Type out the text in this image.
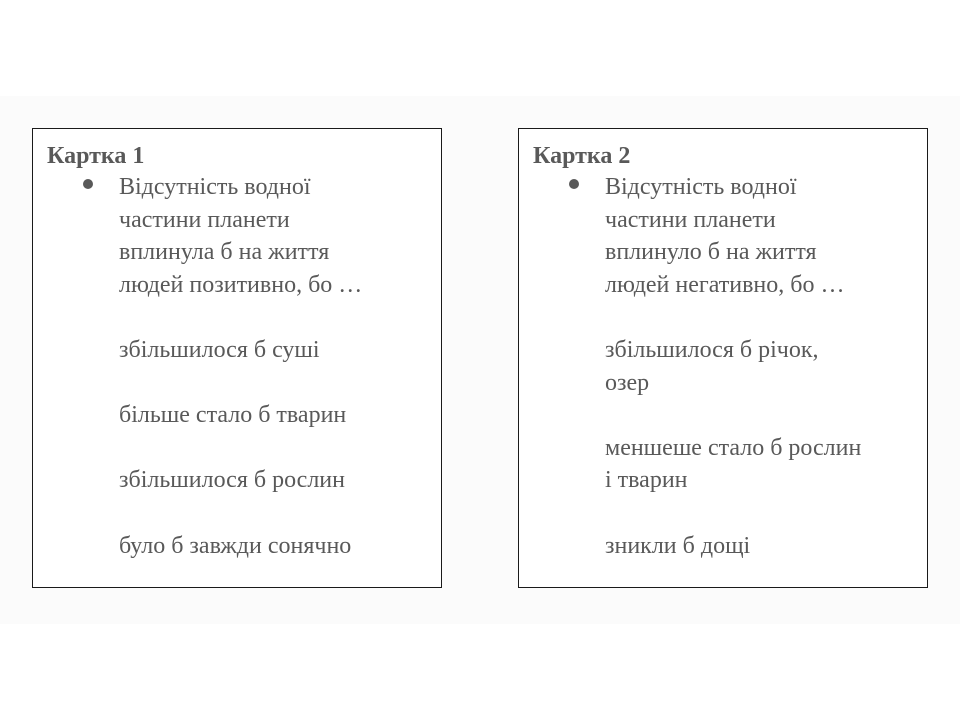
Картка 1

Відсутність водної
частини планети
вплинула б на життя
людей позитивно, бо …

збільшилося б суші
більше стало б тварин
збільшилося б рослин
було б завжди сонячно
Картка 2

Відсутність водної
частини планети
вплинуло б на життя
людей негативно, бо …

збільшилося б річок,
озер
меншеше стало б рослин
і тварин
зникли б дощі
